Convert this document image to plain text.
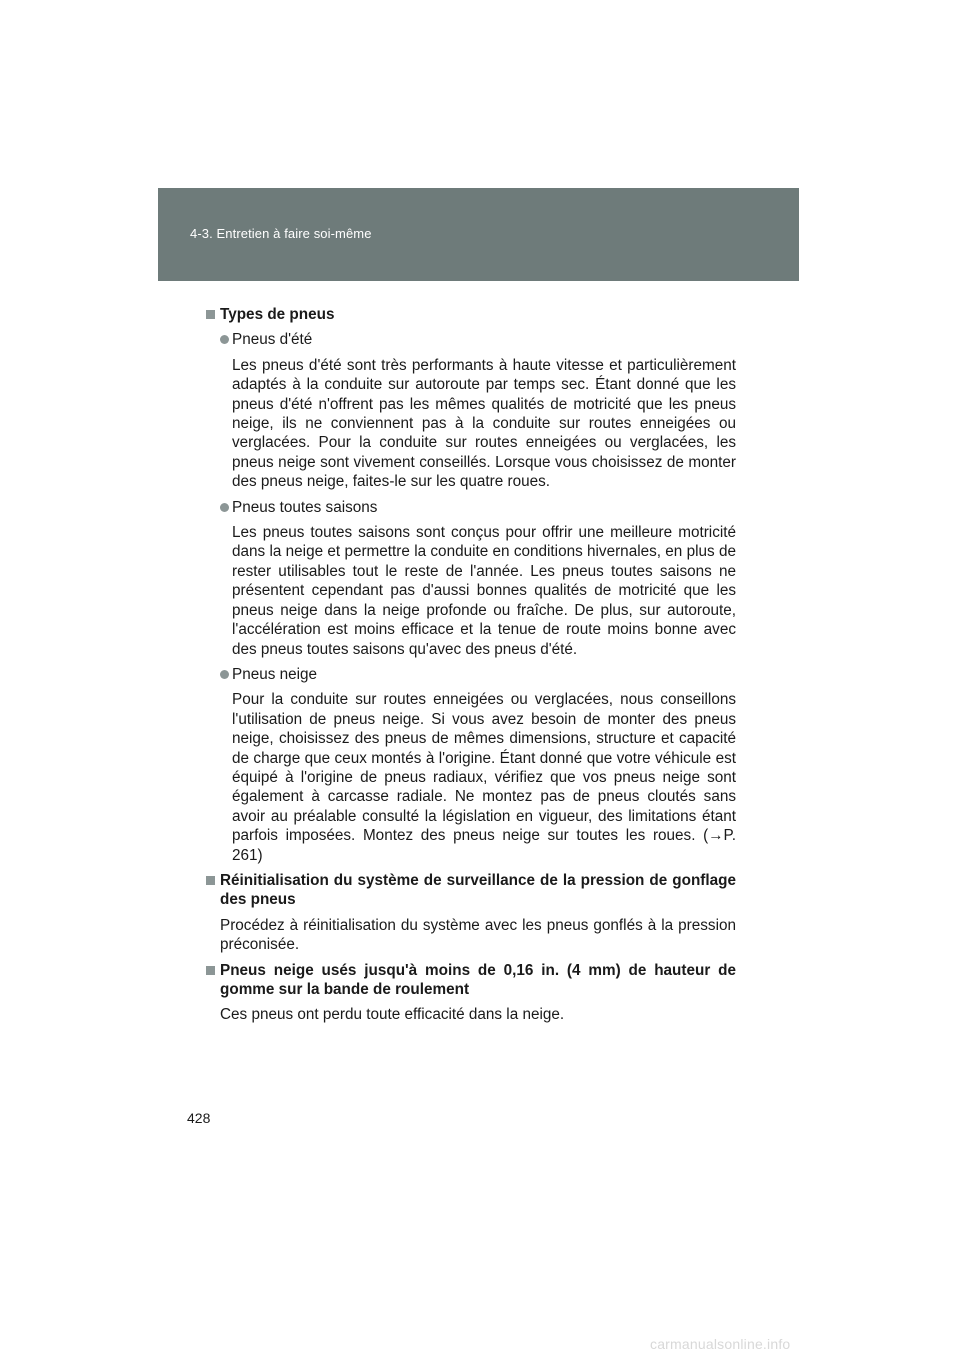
4-3. Entretien à faire soi-même
Types de pneus
Pneus d'été
Les pneus d'été sont très performants à haute vitesse et particulièrement adaptés à la conduite sur autoroute par temps sec. Étant donné que les pneus d'été n'offrent pas les mêmes qualités de motricité que les pneus neige, ils ne conviennent pas à la conduite sur routes enneigées ou verglacées. Pour la conduite sur routes enneigées ou verglacées, les pneus neige sont vivement conseillés. Lorsque vous choisissez de monter des pneus neige, faites-le sur les quatre roues.
Pneus toutes saisons
Les pneus toutes saisons sont conçus pour offrir une meilleure motricité dans la neige et permettre la conduite en conditions hivernales, en plus de rester utilisables tout le reste de l'année. Les pneus toutes saisons ne présentent cependant pas d'aussi bonnes qualités de motricité que les pneus neige dans la neige profonde ou fraîche. De plus, sur autoroute, l'accélération est moins efficace et la tenue de route moins bonne avec des pneus toutes saisons qu'avec des pneus d'été.
Pneus neige
Pour la conduite sur routes enneigées ou verglacées, nous conseillons l'utilisation de pneus neige. Si vous avez besoin de monter des pneus neige, choisissez des pneus de mêmes dimensions, structure et capacité de charge que ceux montés à l'origine. Étant donné que votre véhicule est équipé à l'origine de pneus radiaux, vérifiez que vos pneus neige sont également à carcasse radiale. Ne montez pas de pneus cloutés sans avoir au préalable consulté la législation en vigueur, des limitations étant parfois imposées. Montez des pneus neige sur toutes les roues. (→P. 261)
Réinitialisation du système de surveillance de la pression de gonflage des pneus
Procédez à réinitialisation du système avec les pneus gonflés à la pression préconisée.
Pneus neige usés jusqu'à moins de 0,16 in. (4 mm) de hauteur de gomme sur la bande de roulement
Ces pneus ont perdu toute efficacité dans la neige.
428
carmanualsonline.info
